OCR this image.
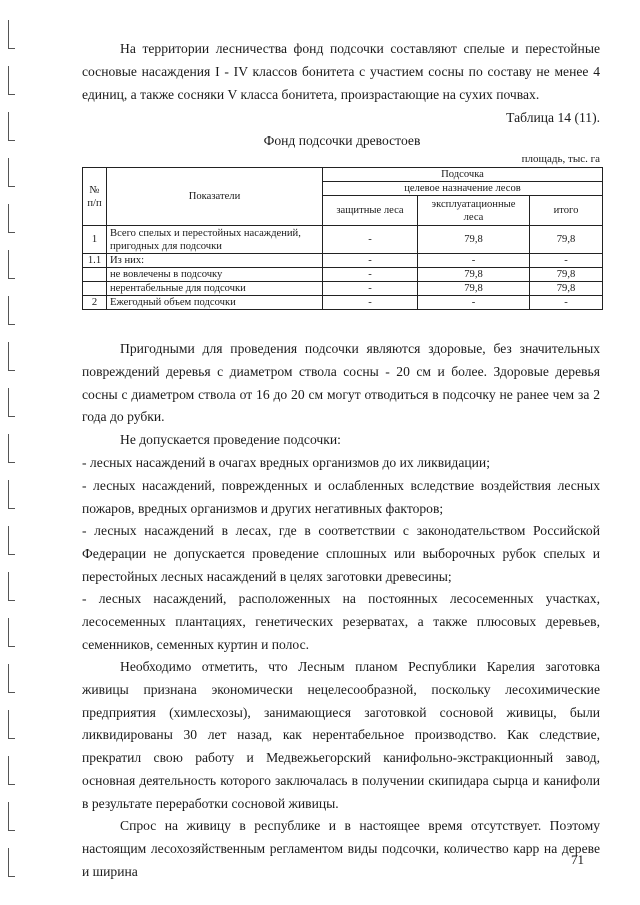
На территории лесничества фонд подсочки составляют спелые и перестойные сосновые насаждения I - IV классов бонитета с участием сосны по составу не менее 4 единиц, а также сосняки V класса бонитета, произрастающие на сухих почвах.

Таблица 14 (11).
Фонд подсочки древостоев
площадь, тыс. га
№ п/п	Показатели	Подсочка		
		целевое назначение лесов		
		защитные леса	эксплуатационные леса	итого
1	Всего спелых и перестойных насаждений, пригодных для подсочки	-	79,8	79,8
1.1	Из них:	-	-	-
	не вовлечены в подсочку	-	79,8	79,8
	нерентабельные для подсочки	-	79,8	79,8
2	Ежегодный объем подсочки	-	-	-

Пригодными для проведения подсочки являются здоровые, без значительных повреждений деревья с диаметром ствола сосны - 20 см и более. Здоровые деревья сосны с диаметром ствола от 16 до 20 см могут отводиться в подсочку не ранее чем за 2 года до рубки.

Не допускается проведение подсочки:

- лесных насаждений в очагах вредных организмов до их ликвидации;

- лесных насаждений, поврежденных и ослабленных вследствие воздействия лесных пожаров, вредных организмов и других негативных факторов;

- лесных насаждений в лесах, где в соответствии с законодательством Российской Федерации не допускается проведение сплошных или выборочных рубок спелых и перестойных лесных насаждений в целях заготовки древесины;

- лесных насаждений, расположенных на постоянных лесосеменных участках, лесосеменных плантациях, генетических резерватах, а также плюсовых деревьев, семенников, семенных куртин и полос.

Необходимо отметить, что Лесным планом Республики Карелия заготовка живицы признана экономически нецелесообразной, поскольку лесохимические предприятия (химлесхозы), занимающиеся заготовкой сосновой живицы, были ликвидированы 30 лет назад, как нерентабельное производство. Как следствие, прекратил свою работу и Медвежьегорский канифольно-экстракционный завод, основная деятельность которого заключалась в получении скипидара сырца и канифоли в результате переработки сосновой живицы.

Спрос на живицу в республике и в настоящее время отсутствует. Поэтому настоящим лесохозяйственным регламентом виды подсочки, количество карр на дереве и ширина

71
